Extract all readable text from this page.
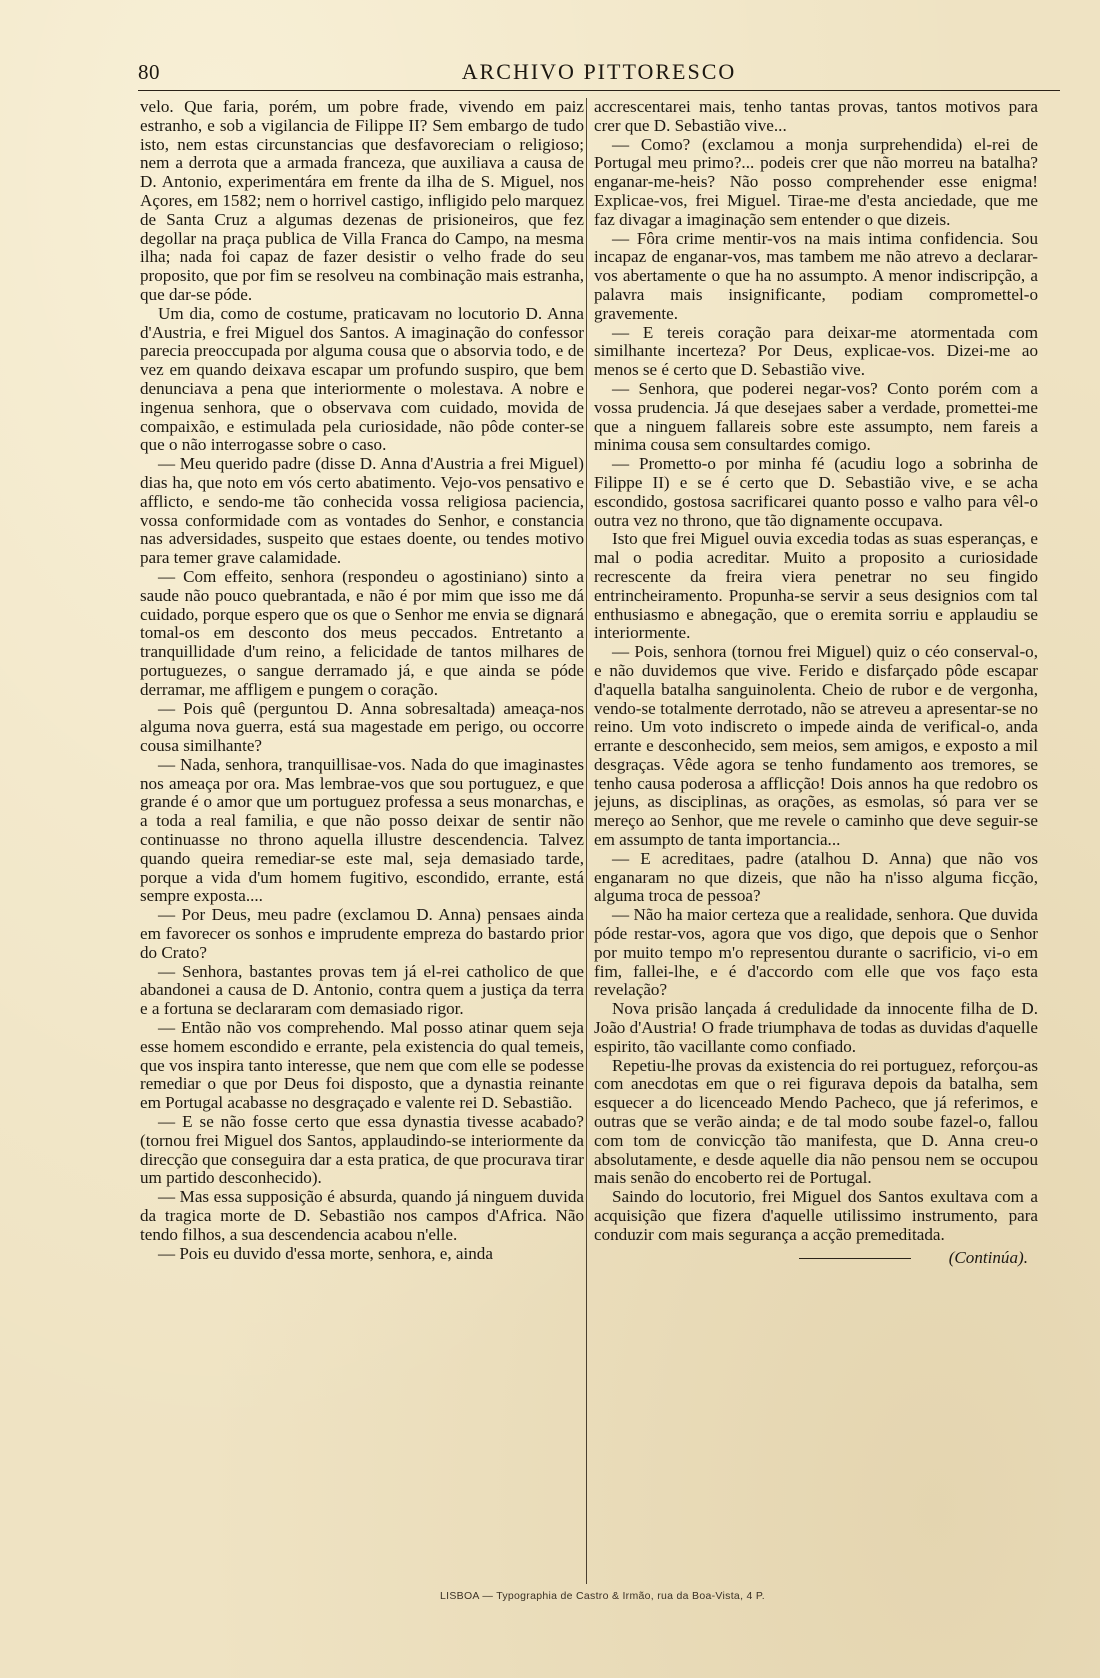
80	ARCHIVO PITTORESCO

velo. Que faria, porém, um pobre frade, vivendo em paiz estranho, e sob a vigilancia de Filippe II? Sem embargo de tudo isto, nem estas circunstancias que desfavoreciam o religioso; nem a derrota que a armada franceza, que auxiliava a causa de D. Antonio, experimentára em frente da ilha de S. Miguel, nos Açores, em 1582; nem o horrivel castigo, infligido pelo marquez de Santa Cruz a algumas dezenas de prisioneiros, que fez degollar na praça publica de Villa Franca do Campo, na mesma ilha; nada foi capaz de fazer desistir o velho frade do seu proposito, que por fim se resolveu na combinação mais estranha, que dar-se póde.

Um dia, como de costume, praticavam no locutorio D. Anna d'Austria, e frei Miguel dos Santos. A imaginação do confessor parecia preoccupada por alguma cousa que o absorvia todo, e de vez em quando deixava escapar um profundo suspiro, que bem denunciava a pena que interiormente o molestava. A nobre e ingenua senhora, que o observava com cuidado, movida de compaixão, e estimulada pela curiosidade, não pôde conter-se que o não interrogasse sobre o caso.

— Meu querido padre (disse D. Anna d'Austria a frei Miguel) dias ha, que noto em vós certo abatimento. Vejo-vos pensativo e afflicto, e sendo-me tão conhecida vossa religiosa paciencia, vossa conformidade com as vontades do Senhor, e constancia nas adversidades, suspeito que estaes doente, ou tendes motivo para temer grave calamidade.

— Com effeito, senhora (respondeu o agostiniano) sinto a saude não pouco quebrantada, e não é por mim que isso me dá cuidado, porque espero que os que o Senhor me envia se dignará tomal-os em desconto dos meus peccados. Entretanto a tranquillidade d'um reino, a felicidade de tantos milhares de portuguezes, o sangue derramado já, e que ainda se póde derramar, me affligem e pungem o coração.

— Pois quê (perguntou D. Anna sobresaltada) ameaça-nos alguma nova guerra, está sua magestade em perigo, ou occorre cousa similhante?

— Nada, senhora, tranquillisae-vos. Nada do que imaginastes nos ameaça por ora. Mas lembrae-vos que sou portuguez, e que grande é o amor que um portuguez professa a seus monarchas, e a toda a real familia, e que não posso deixar de sentir não continuasse no throno aquella illustre descendencia. Talvez quando queira remediar-se este mal, seja demasiado tarde, porque a vida d'um homem fugitivo, escondido, errante, está sempre exposta....

— Por Deus, meu padre (exclamou D. Anna) pensaes ainda em favorecer os sonhos e imprudente empreza do bastardo prior do Crato?

— Senhora, bastantes provas tem já el-rei catholico de que abandonei a causa de D. Antonio, contra quem a justiça da terra e a fortuna se declararam com demasiado rigor.

— Então não vos comprehendo. Mal posso atinar quem seja esse homem escondido e errante, pela existencia do qual temeis, que vos inspira tanto interesse, que nem que com elle se podesse remediar o que por Deus foi disposto, que a dynastia reinante em Portugal acabasse no desgraçado e valente rei D. Sebastião.

— E se não fosse certo que essa dynastia tivesse acabado? (tornou frei Miguel dos Santos, applaudindo-se interiormente da direcção que conseguira dar a esta pratica, de que procurava tirar um partido desconhecido).

— Mas essa supposição é absurda, quando já ninguem duvida da tragica morte de D. Sebastião nos campos d'Africa. Não tendo filhos, a sua descendencia acabou n'elle.

— Pois eu duvido d'essa morte, senhora, e, ainda

accrescentarei mais, tenho tantas provas, tantos motivos para crer que D. Sebastião vive...

— Como? (exclamou a monja surprehendida) el-rei de Portugal meu primo?... podeis crer que não morreu na batalha? enganar-me-heis? Não posso comprehender esse enigma! Explicae-vos, frei Miguel. Tirae-me d'esta anciedade, que me faz divagar a imaginação sem entender o que dizeis.

— Fôra crime mentir-vos na mais intima confidencia. Sou incapaz de enganar-vos, mas tambem me não atrevo a declarar-vos abertamente o que ha no assumpto. A menor indiscripção, a palavra mais insignificante, podiam compromettel-o gravemente.

— E tereis coração para deixar-me atormentada com similhante incerteza? Por Deus, explicae-vos. Dizei-me ao menos se é certo que D. Sebastião vive.

— Senhora, que poderei negar-vos? Conto porém com a vossa prudencia. Já que desejaes saber a verdade, promettei-me que a ninguem fallareis sobre este assumpto, nem fareis a minima cousa sem consultardes comigo.

— Prometto-o por minha fé (acudiu logo a sobrinha de Filippe II) e se é certo que D. Sebastião vive, e se acha escondido, gostosa sacrificarei quanto posso e valho para vêl-o outra vez no throno, que tão dignamente occupava.

Isto que frei Miguel ouvia excedia todas as suas esperanças, e mal o podia acreditar. Muito a proposito a curiosidade recrescente da freira viera penetrar no seu fingido entrincheiramento. Propunha-se servir a seus designios com tal enthusiasmo e abnegação, que o eremita sorriu e applaudiu se interiormente.

— Pois, senhora (tornou frei Miguel) quiz o céo conserval-o, e não duvidemos que vive. Ferido e disfarçado pôde escapar d'aquella batalha sanguinolenta. Cheio de rubor e de vergonha, vendo-se totalmente derrotado, não se atreveu a apresentar-se no reino. Um voto indiscreto o impede ainda de verifical-o, anda errante e desconhecido, sem meios, sem amigos, e exposto a mil desgraças. Vêde agora se tenho fundamento aos tremores, se tenho causa poderosa a afflicção! Dois annos ha que redobro os jejuns, as disciplinas, as orações, as esmolas, só para ver se mereço ao Senhor, que me revele o caminho que deve seguir-se em assumpto de tanta importancia...

— E acreditaes, padre (atalhou D. Anna) que não vos enganaram no que dizeis, que não ha n'isso alguma ficção, alguma troca de pessoa?

— Não ha maior certeza que a realidade, senhora. Que duvida póde restar-vos, agora que vos digo, que depois que o Senhor por muito tempo m'o representou durante o sacrificio, vi-o em fim, fallei-lhe, e é d'accordo com elle que vos faço esta revelação?

Nova prisão lançada á credulidade da innocente filha de D. João d'Austria! O frade triumphava de todas as duvidas d'aquelle espirito, tão vacillante como confiado.

Repetiu-lhe provas da existencia do rei portuguez, reforçou-as com anecdotas em que o rei figurava depois da batalha, sem esquecer a do licenceado Mendo Pacheco, que já referimos, e outras que se verão ainda; e de tal modo soube fazel-o, fallou com tom de convicção tão manifesta, que D. Anna creu-o absolutamente, e desde aquelle dia não pensou nem se occupou mais senão do encoberto rei de Portugal.

Saindo do locutorio, frei Miguel dos Santos exultava com a acquisição que fizera d'aquelle utilissimo instrumento, para conduzir com mais segurança a acção premeditada.

(Continúa).
LISBOA — Typographia de Castro & Irmão, rua da Boa-Vista, 4 P.
